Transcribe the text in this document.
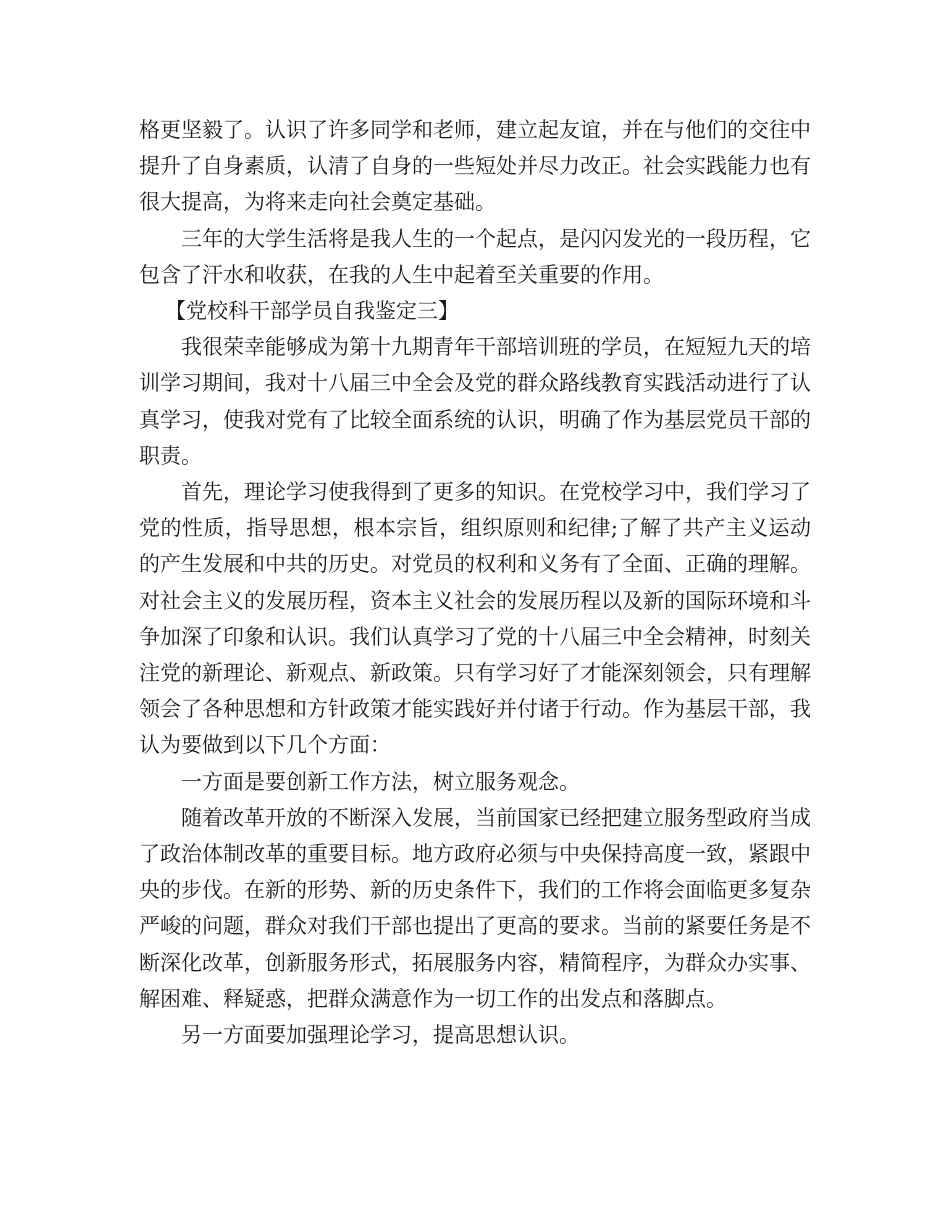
格更坚毅了。认识了许多同学和老师，建立起友谊，并在与他们的交往中提升了自身素质，认清了自身的一些短处并尽力改正。社会实践能力也有很大提高，为将来走向社会奠定基础。

三年的大学生活将是我人生的一个起点，是闪闪发光的一段历程，它包含了汗水和收获，在我的人生中起着至关重要的作用。

【党校科干部学员自我鉴定三】

我很荣幸能够成为第十九期青年干部培训班的学员，在短短九天的培训学习期间，我对十八届三中全会及党的群众路线教育实践活动进行了认真学习，使我对党有了比较全面系统的认识，明确了作为基层党员干部的职责。

首先，理论学习使我得到了更多的知识。在党校学习中，我们学习了党的性质，指导思想，根本宗旨，组织原则和纪律;了解了共产主义运动的产生发展和中共的历史。对党员的权利和义务有了全面、正确的理解。对社会主义的发展历程，资本主义社会的发展历程以及新的国际环境和斗争加深了印象和认识。我们认真学习了党的十八届三中全会精神，时刻关注党的新理论、新观点、新政策。只有学习好了才能深刻领会，只有理解领会了各种思想和方针政策才能实践好并付诸于行动。作为基层干部，我认为要做到以下几个方面：

一方面是要创新工作方法，树立服务观念。

随着改革开放的不断深入发展，当前国家已经把建立服务型政府当成了政治体制改革的重要目标。地方政府必须与中央保持高度一致，紧跟中央的步伐。在新的形势、新的历史条件下，我们的工作将会面临更多复杂严峻的问题，群众对我们干部也提出了更高的要求。当前的紧要任务是不断深化改革，创新服务形式，拓展服务内容，精简程序，为群众办实事、解困难、释疑惑，把群众满意作为一切工作的出发点和落脚点。

另一方面要加强理论学习，提高思想认识。
